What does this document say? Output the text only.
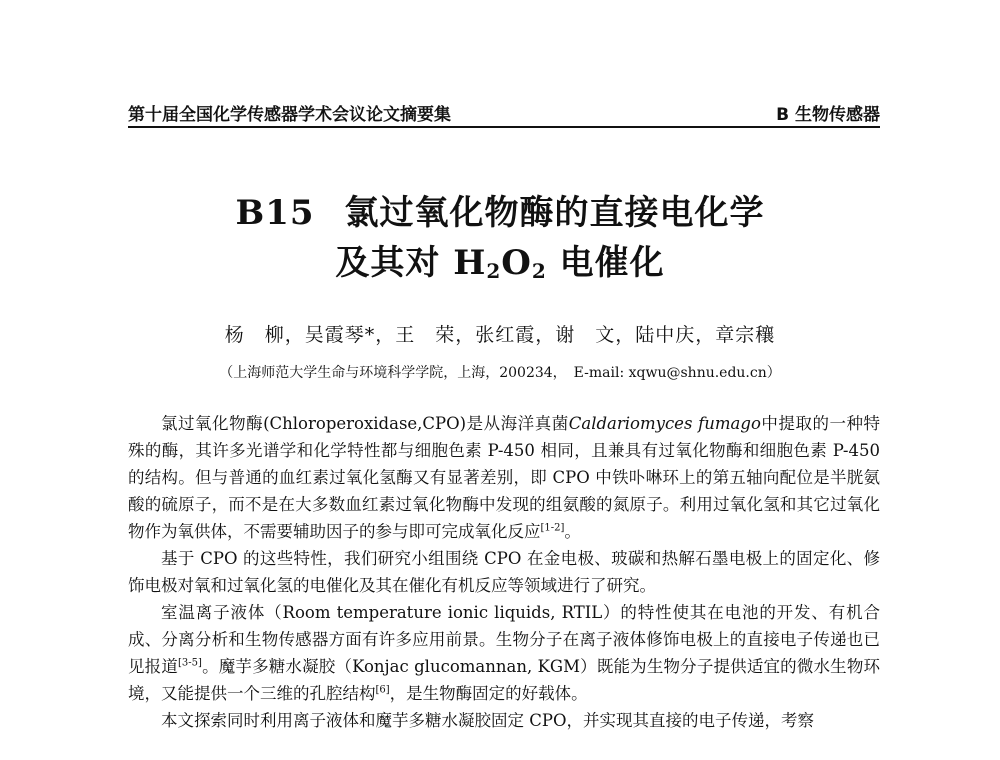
第十届全国化学传感器学术会议论文摘要集	B 生物传感器
B15 氯过氧化物酶的直接电化学
及其对 $H_2O_2$ 电催化
杨　柳，吴霞琴*，王　荣，张红霞，谢　文，陆中庆，章宗穰
（上海师范大学生命与环境科学学院，上海，200234，　E-mail: xqwu@shnu.edu.cn）

氯过氧化物酶(Chloroperoxidase,CPO)是从海洋真菌Caldariomyces fumago中提取的一种特殊的酶，其许多光谱学和化学特性都与细胞色素 P-450 相同，且兼具有过氧化物酶和细胞色素 P-450 的结构。但与普通的血红素过氧化氢酶又有显著差别，即 CPO 中铁卟啉环上的第五轴向配位是半胱氨酸的硫原子，而不是在大多数血红素过氧化物酶中发现的组氨酸的氮原子。利用过氧化氢和其它过氧化物作为氧供体，不需要辅助因子的参与即可完成氧化反应[1-2]。

基于 CPO 的这些特性，我们研究小组围绕 CPO 在金电极、玻碳和热解石墨电极上的固定化、修饰电极对氧和过氧化氢的电催化及其在催化有机反应等领域进行了研究。

室温离子液体（Room temperature ionic liquids, RTIL）的特性使其在电池的开发、有机合成、分离分析和生物传感器方面有许多应用前景。生物分子在离子液体修饰电极上的直接电子传递也已见报道[3-5]。魔芋多糖水凝胶（Konjac glucomannan, KGM）既能为生物分子提供适宜的微水生物环境，又能提供一个三维的孔腔结构[6]，是生物酶固定的好载体。

本文探索同时利用离子液体和魔芋多糖水凝胶固定 CPO，并实现其直接的电子传递，考察
